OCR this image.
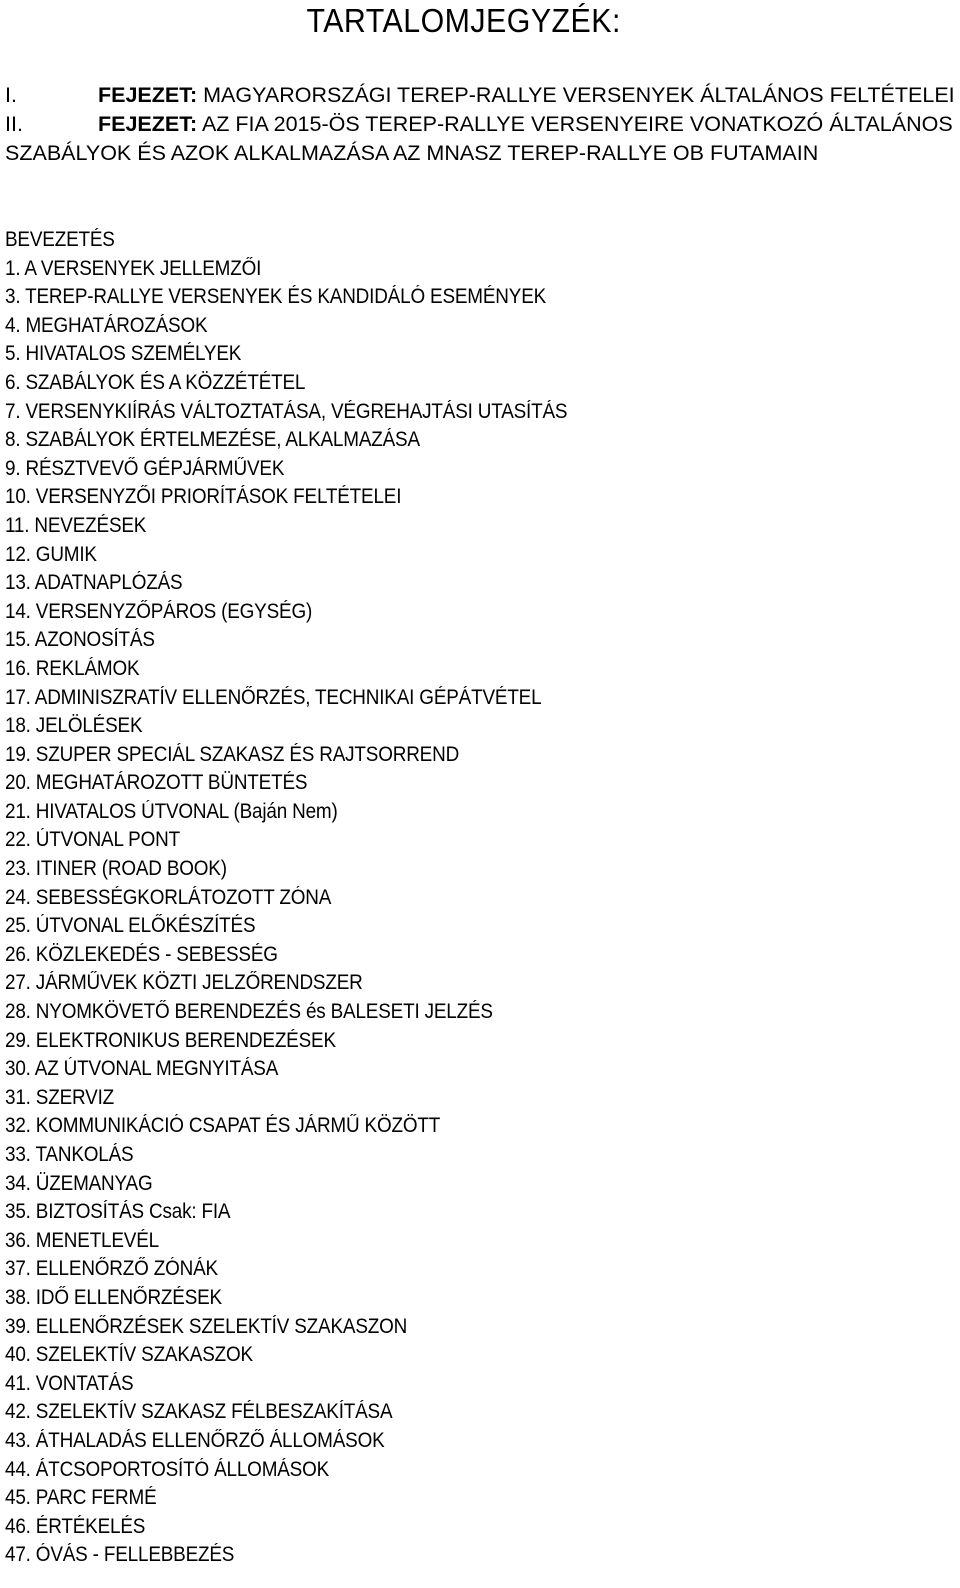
TARTALOMJEGYZÉK:

I.	FEJEZET: MAGYARORSZÁGI TEREP-RALLYE VERSENYEK ÁLTALÁNOS FELTÉTELEI

II.	FEJEZET: AZ FIA 2015-ÖS TEREP-RALLYE VERSENYEIRE VONATKOZÓ ÁLTALÁNOS SZABÁLYOK ÉS AZOK ALKALMAZÁSA AZ MNASZ TEREP-RALLYE OB FUTAMAIN

BEVEZETÉS
1. A VERSENYEK JELLEMZŐI
3. TEREP-RALLYE VERSENYEK ÉS KANDIDÁLÓ ESEMÉNYEK
4. MEGHATÁROZÁSOK
5. HIVATALOS SZEMÉLYEK
6. SZABÁLYOK ÉS A KÖZZÉTÉTEL
7. VERSENYKIÍRÁS VÁLTOZTATÁSA, VÉGREHAJTÁSI UTASÍTÁS
8. SZABÁLYOK ÉRTELMEZÉSE, ALKALMAZÁSA
9. RÉSZTVEVŐ GÉPJÁRMŰVEK
10. VERSENYZŐI PRIORÍTÁSOK FELTÉTELEI
11. NEVEZÉSEK
12. GUMIK
13. ADATNAPLÓZÁS
14. VERSENYZŐPÁROS (EGYSÉG)
15. AZONOSÍTÁS
16. REKLÁMOK
17. ADMINISZRATÍV ELLENŐRZÉS, TECHNIKAI GÉPÁTVÉTEL
18. JELÖLÉSEK
19. SZUPER SPECIÁL SZAKASZ ÉS RAJTSORREND
20. MEGHATÁROZOTT BÜNTETÉS
21. HIVATALOS ÚTVONAL (Baján Nem)
22. ÚTVONAL PONT
23. ITINER (ROAD BOOK)
24. SEBESSÉGKORLÁTOZOTT ZÓNA
25. ÚTVONAL ELŐKÉSZÍTÉS
26. KÖZLEKEDÉS - SEBESSÉG
27. JÁRMŰVEK KÖZTI JELZŐRENDSZER
28. NYOMKÖVETŐ BERENDEZÉS és BALESETI JELZÉS
29. ELEKTRONIKUS BERENDEZÉSEK
30. AZ ÚTVONAL MEGNYITÁSA
31. SZERVIZ
32. KOMMUNIKÁCIÓ CSAPAT ÉS JÁRMŰ KÖZÖTT
33. TANKOLÁS
34. ÜZEMANYAG
35. BIZTOSÍTÁS Csak: FIA
36. MENETLEVÉL
37. ELLENŐRZŐ ZÓNÁK
38. IDŐ ELLENŐRZÉSEK
39. ELLENŐRZÉSEK SZELEKTÍV SZAKASZON
40. SZELEKTÍV SZAKASZOK
41. VONTATÁS
42. SZELEKTÍV SZAKASZ FÉLBESZAKÍTÁSA
43. ÁTHALADÁS ELLENŐRZŐ ÁLLOMÁSOK
44. ÁTCSOPORTOSÍTÓ ÁLLOMÁSOK
45. PARC FERMÉ
46. ÉRTÉKELÉS
47. ÓVÁS - FELLEBBEZÉS
